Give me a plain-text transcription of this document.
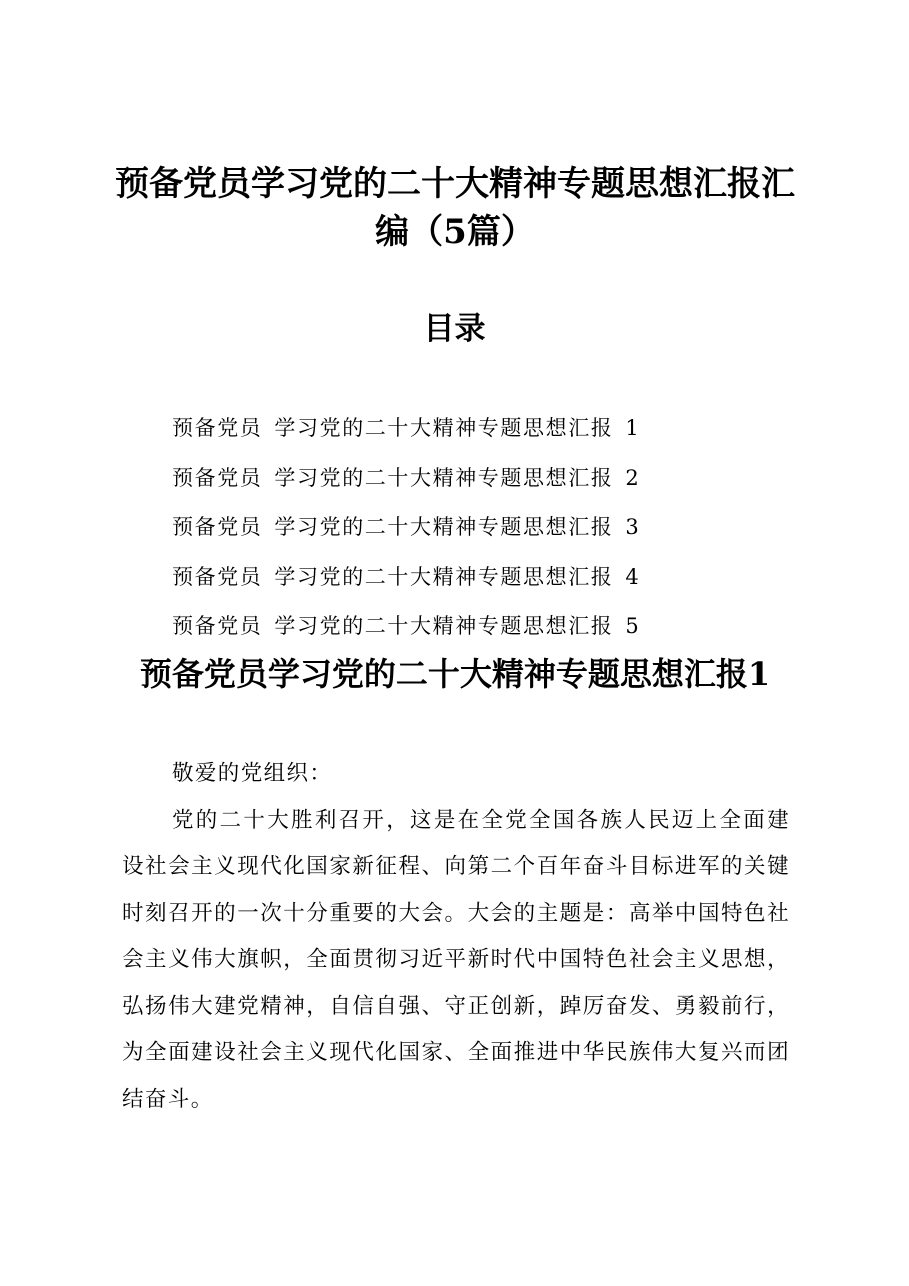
预备党员学习党的二十大精神专题思想汇报汇编（5篇）
目录
预备党员 学习党的二十大精神专题思想汇报 1
预备党员 学习党的二十大精神专题思想汇报 2
预备党员 学习党的二十大精神专题思想汇报 3
预备党员 学习党的二十大精神专题思想汇报 4
预备党员 学习党的二十大精神专题思想汇报 5
预备党员学习党的二十大精神专题思想汇报1

敬爱的党组织：

党的二十大胜利召开，这是在全党全国各族人民迈上全面建设社会主义现代化国家新征程、向第二个百年奋斗目标进军的关键时刻召开的一次十分重要的大会。大会的主题是：高举中国特色社会主义伟大旗帜，全面贯彻习近平新时代中国特色社会主义思想，弘扬伟大建党精神，自信自强、守正创新，踔厉奋发、勇毅前行，为全面建设社会主义现代化国家、全面推进中华民族伟大复兴而团结奋斗。
